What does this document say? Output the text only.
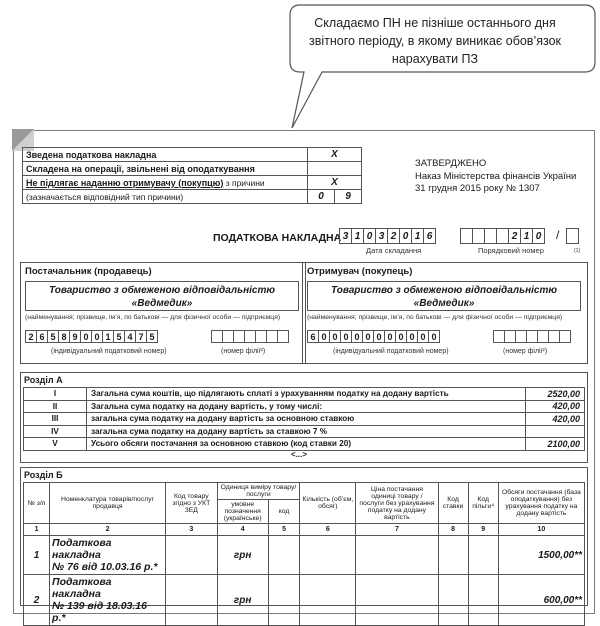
Складаємо ПН не пізніше останнього дня звітного періоду, в якому виникає обов’язок нарахувати ПЗ
Зведена податкова накладна	X	
Складена на операції, звільнені від оподаткування		
Не підлягає наданню отримувачу (покупцю) з причини	X	
(зазначається відповідний тип причини)	0	9
ЗАТВЕРДЖЕНО
Наказ Міністерства фінансів України
31 грудня 2015 року № 1307
ПОДАТКОВА НАКЛАДНА 3 1 0 3 2 0 1 6
Дата складання
2 1 0	/
Порядковий номер	(1)
Постачальник (продавець)
Товариство з обмеженою відповідальністю
«Ведмедик»
(найменування; прізвище, ім’я, по батькові — для фізичної особи — підприємця)
2 6 5 8 9 0 0 1 5 4 7 5
(індивідуальний податковий номер)	(номер філії²)
Отримувач (покупець)
Товариство з обмеженою відповідальністю
«Ведмедик»
(найменування; прізвище, ім’я, по батькові — для фізичної особи — підприємця)
6 0 0 0 0 0 0 0 0 0 0 0
(індивідуальний податковий номер)	(номер філії²)
Розділ А
I	Загальна сума коштів, що підлягають сплаті з урахуванням податку на додану вартість	2520,00
II	Загальна сума податку на додану вартість, у тому числі:	420,00
III	загальна сума податку на додану вартість за основною ставкою	420,00
IV	загальна сума податку на додану вартість за ставкою 7 %	
V	Усього обсяги постачання за основною ставкою (код ставки 20)	2100,00
<...>
Розділ Б
№ з/п	Номенклатура товарів/послуг продавця	Код товару згідно з УКТ ЗЕД	Одиниця виміру товару/ послуги		Кількість (об’єм, обсяг)	Ціна постачання одиниці товару / послуги без урахування податку на додану вартість	Код ставки	Код пільги⁴	Обсяги постачання (база оподаткування) без урахування податку на додану вартість
			умовне позначення (українське)	код					
1	2	3	4	5	6	7	8	9	10
1	Податкова накладна
№ 76 від 10.03.16 р.*		грн						1500,00**
2	Податкова накладна
№ 139 від 18.03.16 р.*		грн						600,00**
